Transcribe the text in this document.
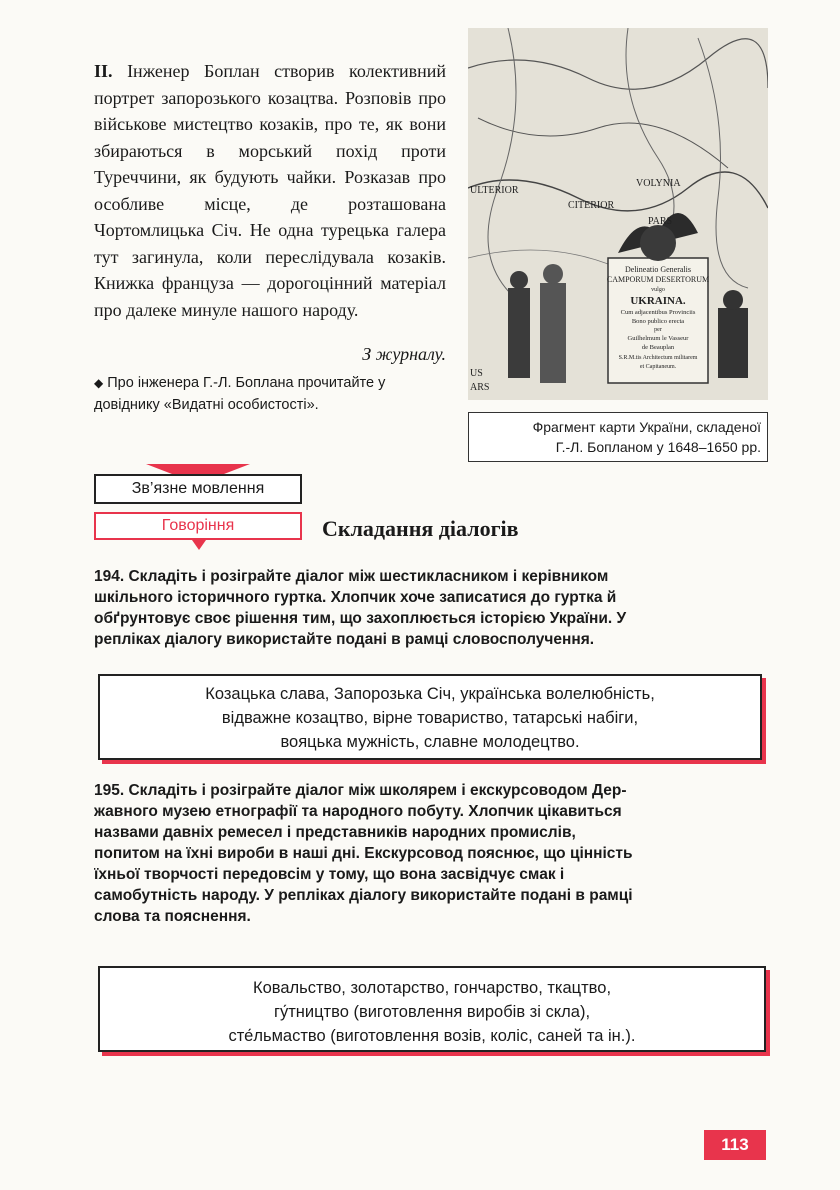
II. Інженер Боплан створив колективний портрет запорозького козацтва. Розповів про військове мистецтво козаків, про те, як вони збираються в морський похід проти Туреччини, як будують чайки. Розказав про особливе місце, де розташована Чортомлицька Січ. Не одна турецька галера тут загинула, коли переслідувала козаків. Книжка француза — дорогоцінний матеріал про далеке минуле нашого народу.

З журналу.
◆ Про інженера Г.-Л. Боплана прочитайте у довіднику «Видатні особистості».
ULTERIOR
VOLYNIA
CITERIOR
PARS
US
ARS
Delineatio Generalis
CAMPORUM DESERTORUM
vulgo
UKRAINA.
Cum adjacentibus Provinciis
Bono publico erecta
per
Guilhelmum le Vasseur
de Beauplan
S.R.M.tis Architectum militarem
et Capitaneum.
Фрагмент карти України, складеної
Г.-Л. Бопланом у 1648–1650 рр.
Зв’язне мовлення
Говоріння	Складання діалогів
194. Складіть і розіграйте діалог між шестикласником і керівником
шкільного історичного гуртка. Хлопчик хоче записатися до гуртка й
обґрунтовує своє рішення тим, що захоплюється історією України. У
репліках діалогу використайте подані в рамці словосполучення.
Козацька слава, Запорозька Січ, українська волелюбність,
відважне козацтво, вірне товариство, татарські набіги,
вояцька мужність, славне молодецтво.
195. Складіть і розіграйте діалог між школярем і екскурсоводом Дер-
жавного музею етнографії та народного побуту. Хлопчик цікавиться
назвами давніх ремесел і представників народних промислів,
попитом на їхні вироби в наші дні. Екскурсовод пояснює, що цінність
їхньої творчості передовсім у тому, що вона засвідчує смак і
самобутність народу. У репліках діалогу використайте подані в рамці
слова та пояснення.
Ковальство, золотарство, гончарство, ткацтво,
гу́тництво (виготовлення виробів зі скла),
сте́льмаство (виготовлення возів, коліс, саней та ін.).
113
